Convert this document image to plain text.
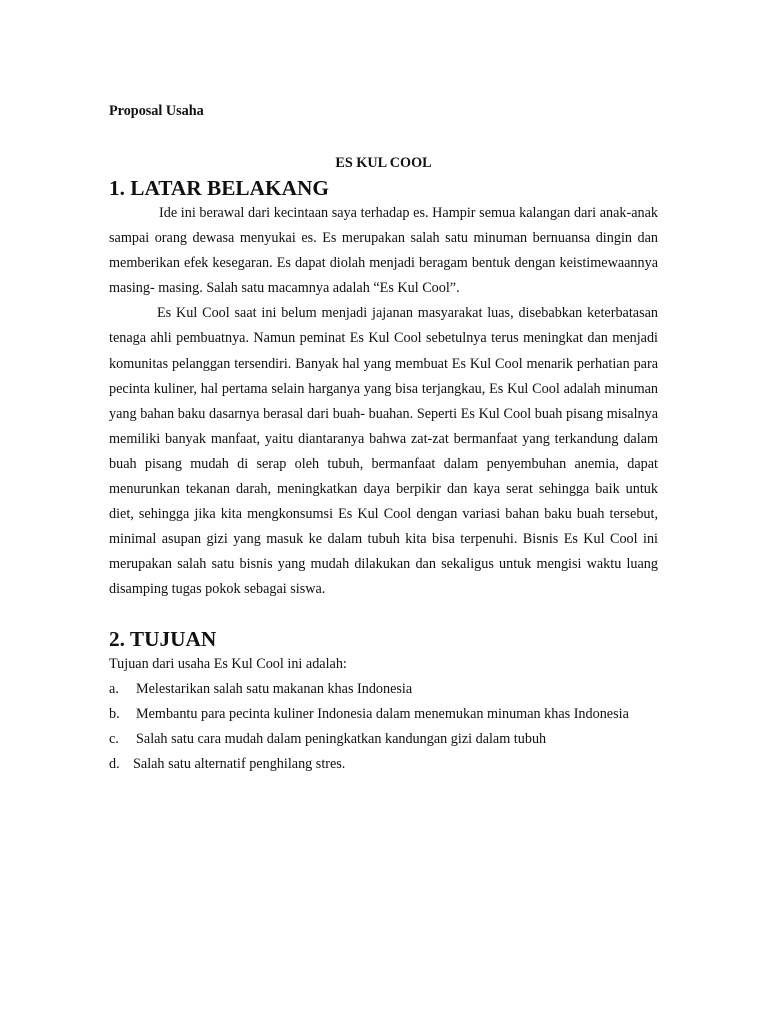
Proposal Usaha

ES KUL COOL

1. LATAR BELAKANG

Ide ini berawal dari kecintaan saya terhadap es. Hampir semua kalangan dari anak-anak sampai orang dewasa menyukai es. Es merupakan salah satu minuman bernuansa dingin dan memberikan efek kesegaran. Es dapat diolah menjadi beragam bentuk dengan keistimewaannya masing- masing. Salah satu macamnya adalah “Es Kul Cool”.

Es Kul Cool saat ini belum menjadi jajanan masyarakat luas, disebabkan keterbatasan tenaga ahli pembuatnya. Namun peminat Es Kul Cool sebetulnya terus meningkat dan menjadi komunitas pelanggan tersendiri. Banyak hal yang membuat Es Kul Cool menarik perhatian para pecinta kuliner, hal pertama selain harganya yang bisa terjangkau, Es Kul Cool adalah minuman yang bahan baku dasarnya berasal dari buah- buahan. Seperti Es Kul Cool buah pisang misalnya memiliki banyak manfaat, yaitu diantaranya bahwa zat-zat bermanfaat yang terkandung dalam buah pisang mudah di serap oleh tubuh, bermanfaat dalam penyembuhan anemia, dapat menurunkan tekanan darah, meningkatkan daya berpikir dan kaya serat sehingga baik untuk diet, sehingga jika kita mengkonsumsi Es Kul Cool dengan variasi bahan baku buah tersebut, minimal asupan gizi yang masuk ke dalam tubuh kita bisa terpenuhi. Bisnis Es Kul Cool ini merupakan salah satu bisnis yang mudah dilakukan dan sekaligus untuk mengisi waktu luang disamping tugas pokok sebagai siswa.

2. TUJUAN

Tujuan dari usaha Es Kul Cool ini adalah:

a. Melestarikan salah satu makanan khas Indonesia
b. Membantu para pecinta kuliner Indonesia dalam menemukan minuman khas Indonesia
c. Salah satu cara mudah dalam peningkatkan kandungan gizi dalam tubuh
d. Salah satu alternatif penghilang stres.
